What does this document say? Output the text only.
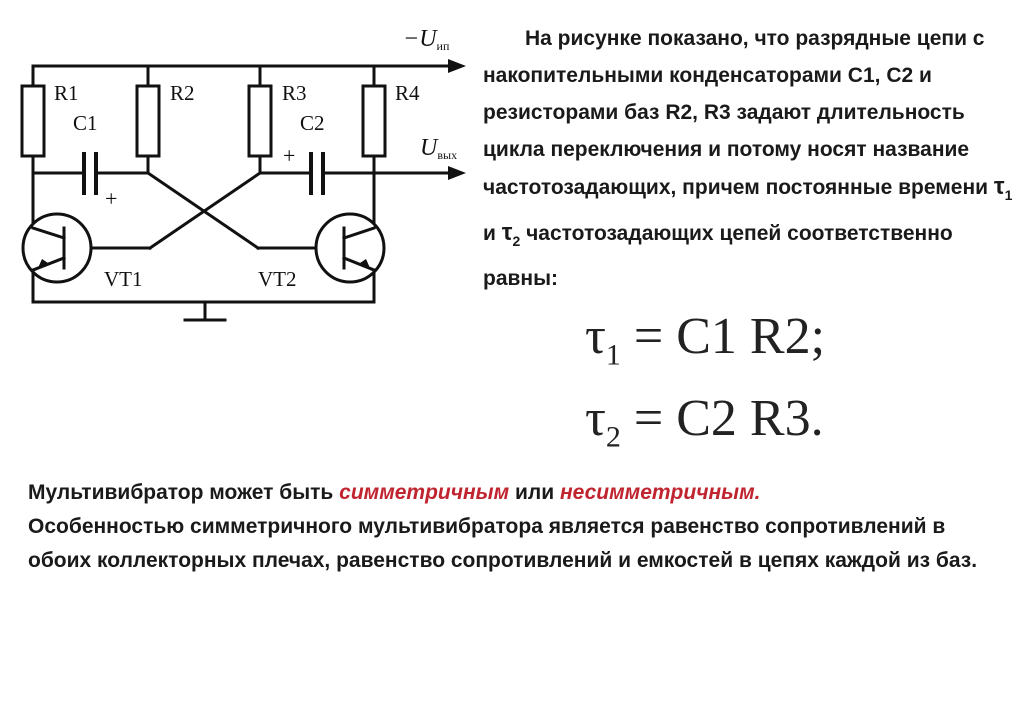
R1	R2	R3	R4
C1	C2
+
+
VT1	VT2
−Uип
Uвых

На рисунке показано, что разрядные цепи с накопительными конденсаторами C1, C2 и резисторами баз R2, R3 задают длительность цикла переключения и потому носят название частотозадающих, причем постоянные времени $\tau_1$ и $\tau_2$ частотозадающих цепей соответственно равны:

$\tau_1 = C1$ R2;
$\tau_2 = C2$ R3.

Мультивибратор может быть симметричным или несимметричным.
Особенностью симметричного мультивибратора является равенство сопротивлений в обоих коллекторных плечах, равенство сопротивлений и емкостей в цепях каждой из баз.
